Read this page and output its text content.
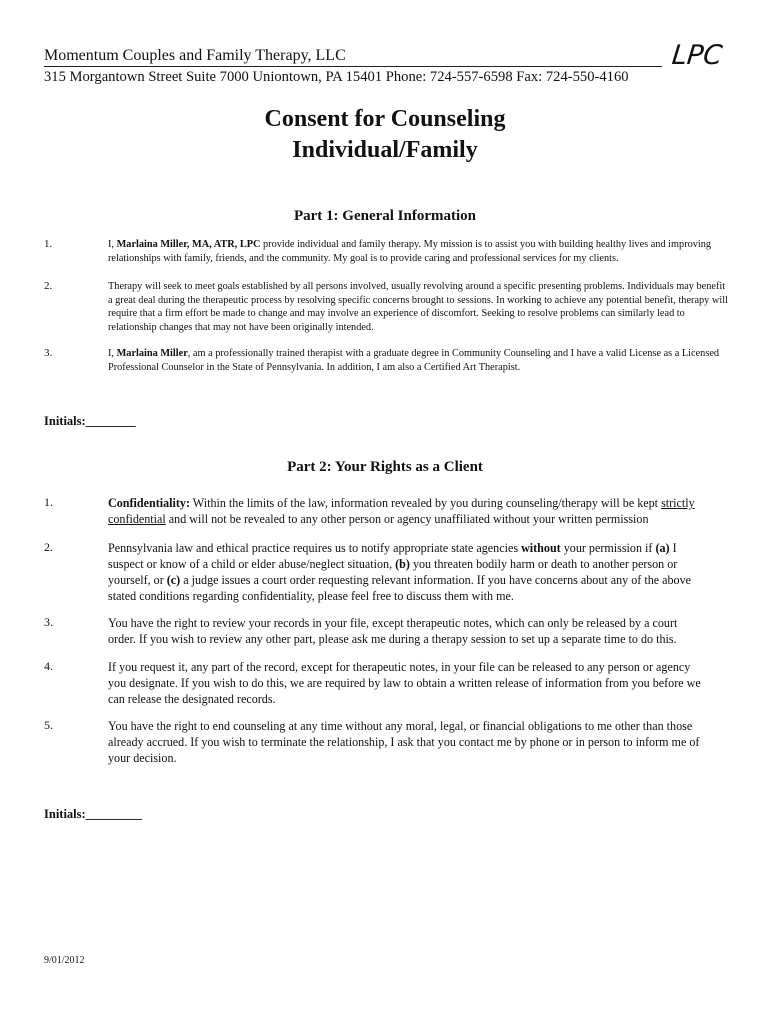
Momentum Couples and Family Therapy, LLC
315 Morgantown Street Suite 7000 Uniontown, PA 15401 Phone: 724-557-6598 Fax: 724-550-4160
LPC
Consent for Counseling
Individual/Family
Part 1: General Information
1.	I, Marlaina Miller, MA, ATR, LPC provide individual and family therapy. My mission is to assist you with building healthy lives and improving relationships with family, friends, and the community. My goal is to provide caring and professional services for my clients.
2.	Therapy will seek to meet goals established by all persons involved, usually revolving around a specific presenting problems. Individuals may benefit a great deal during the therapeutic process by resolving specific concerns brought to sessions. In working to achieve any potential benefit, therapy will require that a firm effort be made to change and may involve an experience of discomfort. Seeking to resolve problems can similarly lead to relationship changes that may not have been originally intended.
3.	I, Marlaina Miller, am a professionally trained therapist with a graduate degree in Community Counseling and I have a valid License as a Licensed Professional Counselor in the State of Pennsylvania. In addition, I am also a Certified Art Therapist.
Initials:________
Part 2: Your Rights as a Client
1.	Confidentiality: Within the limits of the law, information revealed by you during counseling/therapy will be kept strictly confidential and will not be revealed to any other person or agency unaffiliated without your written permission
2.	Pennsylvania law and ethical practice requires us to notify appropriate state agencies without your permission if (a) I suspect or know of a child or elder abuse/neglect situation, (b) you threaten bodily harm or death to another person or yourself, or (c) a judge issues a court order requesting relevant information. If you have concerns about any of the above stated conditions regarding confidentiality, please feel free to discuss them with me.
3.	You have the right to review your records in your file, except therapeutic notes, which can only be released by a court order. If you wish to review any other part, please ask me during a therapy session to set up a separate time to do this.
4.	If you request it, any part of the record, except for therapeutic notes, in your file can be released to any person or agency you designate. If you wish to do this, we are required by law to obtain a written release of information from you before we can release the designated records.
5.	You have the right to end counseling at any time without any moral, legal, or financial obligations to me other than those already accrued. If you wish to terminate the relationship, I ask that you contact me by phone or in person to inform me of your decision.
Initials:_________
9/01/2012
